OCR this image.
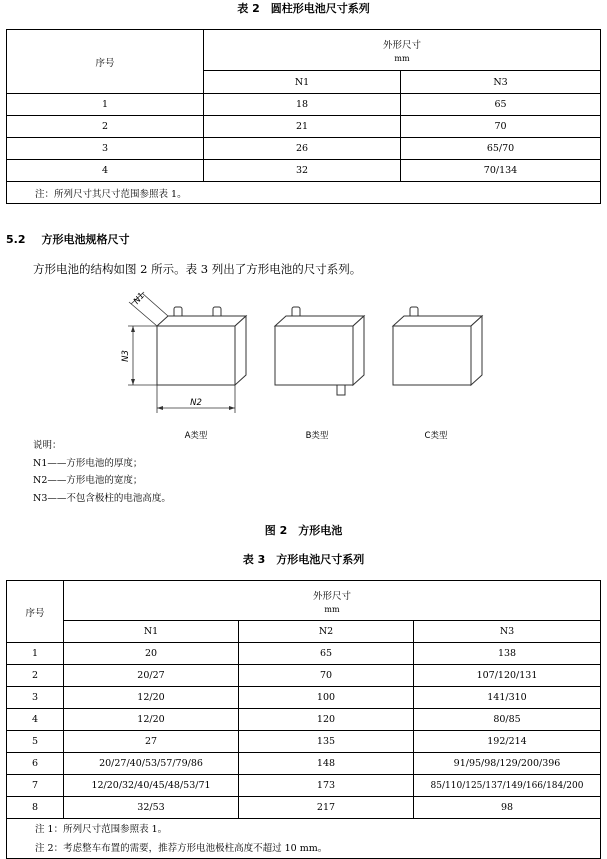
表 2　圆柱形电池尺寸系列
序号	外形尺寸
mm	

	N1	N3
1	18	65
2	21	70
3	26	65/70
4	32	70/134
注：所列尺寸其尺寸范围参照表 1。		
5.2 方形电池规格尺寸
方形电池的结构如图 2 所示。表 3 列出了方形电池的尺寸系列。
N3
N2
N1
A类型	B类型	C类型
说明：
N1——方形电池的厚度；
N2——方形电池的宽度；
N3——不包含极柱的电池高度。
图 2　方形电池
表 3　方形电池尺寸系列
序号	外形尺寸
mm		

	N1	N2	N3
1	20	65	138
2	20/27	70	107/120/131
3	12/20	100	141/310
4	12/20	120	80/85
5	27	135	192/214
6	20/27/40/53/57/79/86	148	91/95/98/129/200/396
7	12/20/32/40/45/48/53/71	173	85/110/125/137/149/166/184/200
8	32/53	217	98

注 1：所列尺寸范围参照表 1。
注 2：考虑整车布置的需要，推荐方形电池极柱高度不超过 10 mm。			
